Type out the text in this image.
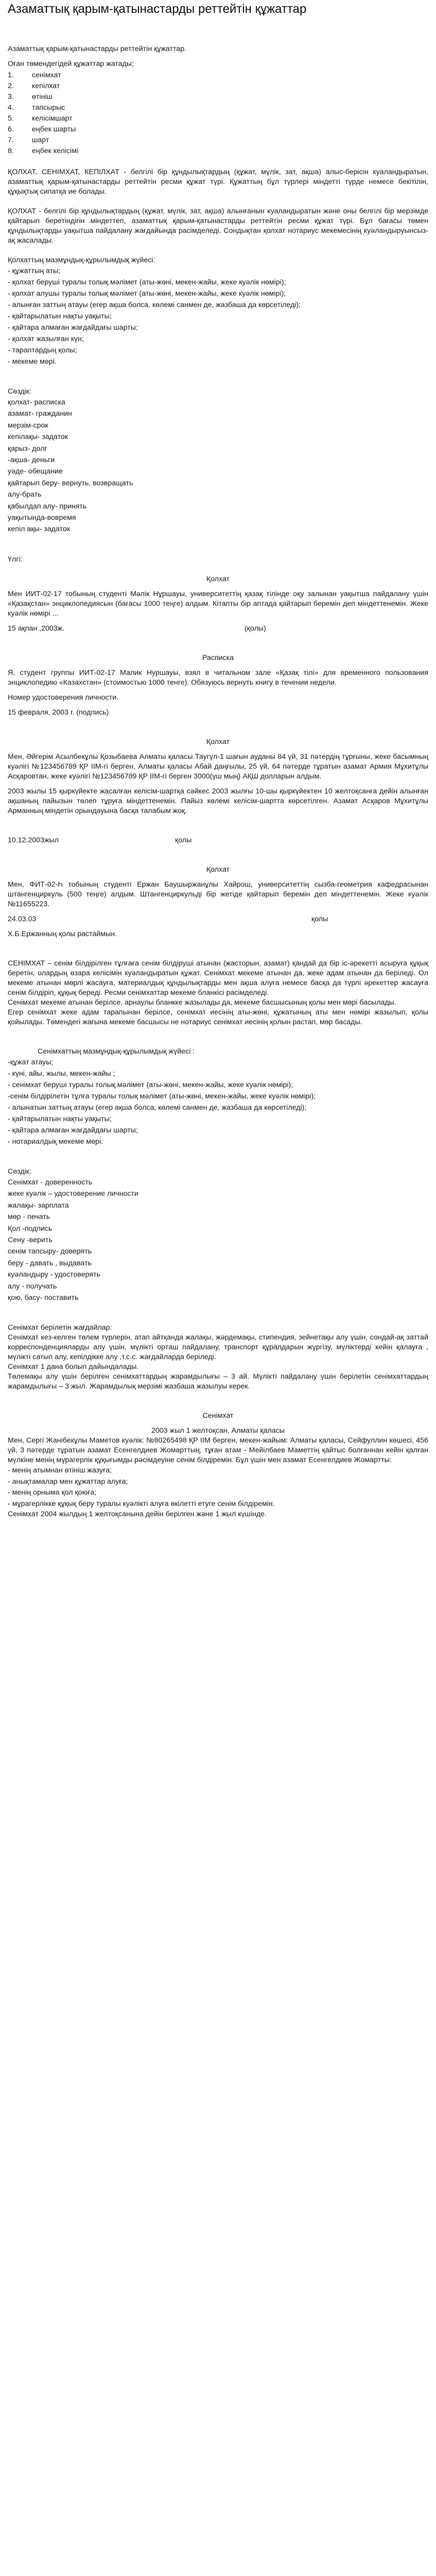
Азаматтық қарым-қатынастарды реттейтін құжаттар

Азаматтық қарым-қатынастарды реттейтін құжаттар.

Оған төмендегідей құжаттар жатады;

1.	сенімхат
2.	кепілхат
3.	өтініш
4.	тапсырыс
5.	келісімшарт
6.	еңбек шарты
7.	шарт
8.	еңбек келісімі

ҚОЛХАТ, СЕНІМХАТ, КЕПІЛХАТ - белгілі бір құндылықтардың (құжат, мүлік, зат, ақша) алыс-берісін куаландыратын, азаматтық қарым-қатынастарды реттейтін ресми құжат түрі. Құжаттың бұл түрлері міндетті түрде немесе бекітілін, құқықтық сипатқа ие болады.

ҚОЛХАТ - белгілі бір құндылықтардың (құжат, мүлік, зат, ақша) алынғанын куаландыратын және оны белгілі бір мерзімде қайтарып беретіндігін міндеттеп, азаматтық қарым-қатынастарды реттейтін ресми құжат түрі. Бұл бағасы төмен құндылықтарды уақытша пайдалану жағдайында расімделеді. Сондықтан қолхат нотариус мекемесінің куәландыруынсыз-ақ жасалады.

Қолхаттың мазмұндық-құрылымдық жүйесі:

- құжаттың аты;

- қолхат беруші туралы толық мәлімет (аты-жөні, мекен-жайы, жеке куәлік нөмірі);

- қолхат алушы туралы толық мәлімет (аты-жөні, мекен-жайы, жеке куәлік нөмірі);

- алынған заттың атауы (егер ақша болса, көлемі санмен де, жазбаша да көрсетіледі);

- қайтарылатын нақты уақыты;

- қайтара алмаған жағдайдағы шарты;

- қолхат жазылған күн;

- тараптардың қолы;

- мекеме мөрі.

Сөздік:

қолхат- расписка

азамат- гражданин

мерзім-срок

кепілақы- задаток

қарыз- долг

-ақша- деньги

уәде- обещание

қайтарып беру- вернуть, возвращать

алу-брать

қабылдап алу- принять

уақытында-вовремя

кепіл ақы- задаток

Үлгі:

Қолхат

Мен ИИТ-02-17 тобының студенті Мәлік Нұршауы, университеттің қазақ тілінде оқу залынан уақытша пайдалану үшін «Қазақстан» энциклопедиясын (бағасы 1000 теңге) алдым. Кітапты бір аптада қайтарып беремін деп міндеттенемін. Жеке куәлік нөмірі ...

15 ақпан ,2003ж.	(қолы)

Расписка

Я, студент группы ИИТ-02-17 Малик Нуршауы, взял в читальном зале «Қазақ тілі» для временного пользования энциклопедию «Казахстан» (стоимостью 1000 тенге). Обязуюсь вернуть книгу в течении недели.

Номер удостоверения личности.

15 февраля, 2003 г. (подпись)

Қолхат

Мен, Әйгерім Асылбекұлы Қозыбаева Алматы қаласы Таугүл-1 шағын ауданы 84 үй, 31 пәтердің тұрғыны, жеке басымның куәлігі №123456789 ҚР ІІМ-гі берген, Алматы қаласы Абай даңғылы, 25 үй, 64 пәтерде тұратын азамат Армия Мұхитұлы Асқаровтан, жеке куәлігі №123456789 ҚР ІІМ-гі берген 3000(үш мың) АҚШ долларын алдым.

2003 жылы 15 қыркүйекте жасалған келісім-шартқа сәйкес 2003 жылғы 10-шы қыркүйектен 10 желтоқсанға дейін алынған ақшаның пайызын төлеп тұруға міндеттенемін. Пайыз көлемі келісім-шартта көрсетілген. Азамат Асқаров Мұхитұлы Арманның міндетін орындауына басқа талабым жоқ.

10.12.2003жыл	қолы

Қолхат

Мен, ФИТ-02-Һ тобының студенті Ержан Баушыржанұлы Хайрош, университеттің сызба-геометрия кафедрасынан штангенциркуль (500 теңге) алдым. Штангенциркульді бір жетіде қайтарып беремін деп міндеттенемін. Жеке куәлік №11655223.

24.03.03	қолы

Х.Б.Ержанның қолы растаймын.

СЕНІМХАТ – сенім білдірілген тұлғаға сенім білдіруші атынан (жасторын, азамат) қандай да бір іс-әрекетті асыруға құқық беретін, олардың өзара келісімін куәландыратын құжат. Сенімхат мекеме атынан да, жеке адам атынан да беріледі. Ол мекеме атынан мөрлі жасауға, материалдық құндылықтарды мен ақша алуға немесе басқа да түрлі әрекеттер жасауға сенім білдіріп, құқық береді. Ресми сенімхаттар мекеме бланкісі расімделеді.

Сенімхат мекеме атынан берілсе, арнаулы бланкке жазылады да, мекеме басшысының қолы мен мөрі басылады.

Егер сенімхат жеке адам тарапынан берілсе, сенімхат иесінің аты-жөні, құжатының аты мен нөмірі жазылып, қолы қойылады. Төмендегі жағына мекеме басшысы не нотариус сенімхат иесінің қолын растап, мөр басады.

Сенімхаттың мазмұндық-құрылымдық жүйесі :

-құжат атауы;

- күні, айы, жылы, мекен-жайы ;

- сенімхат беруші туралы толық мәлімет (аты-жөні, мекен-жайы, жеке куәлік нөмірі);

-сенім білдірілетін тұлға туралы толық мәлімет (аты-жөні, мекен-жайы, жеке куәлік нөмірі);

- алынатын заттың атауы (егер ақша болса, көлемі санмен де, жазбаша да көрсетіледі);

- қайтарылатын нақты уақыты;

- қайтара алмаған жағдайдағы шарты;

- нотариалдық мекеме мөрі.

Сөздік:

Сенімхат - доверенность

жеке куәлік – удостоверение личности

жалақы- зарплата

мөр - печать

Қол -подпись

Сену -верить

сенім тапсыру- доверять

беру - давать , выдавать

куәландыру - удостоверять

алу - получать

қою, басу- поставить

Сенімхат берілетін жағдайлар:

Сенімхат кез-келген төлем түрлерін, атап айтқанда жалақы, жәрдемақы, стипендия, зейнетақы алу үшін, сондай-ақ заттай корреспонденцияларды алу үшін, мүлікті орташ пайдалану, транспорт құралдарын жүргізу, мүліктерді кейін қалауға , мүлікті сатып алу, кепілдікке алу ,т.с.с. жағдайларда беріледі.

Сенімхат 1 дана болып дайындалады.

Төлемақы алу үшін берілген сенімхаттардың жарамдылығы – 3 ай. Мүлікті пайдалану үшін берілетін сенімхаттардың жарамдылығы – 3 жыл. Жарамдылық мерзімі жазбаша жазылуы керек.

Сенімхат

2003 жыл 1 желтоқсан, Алматы қаласы

Мен, Сергі Жанібекұлы Маметов куәлік: №80265498 ҚР ІІМ берген, мекен-жайым: Алматы қаласы, Сейфуллин көшесі, 456 үй, 3 пәтерде тұратын азамат Есенгелдиев Жомарттың, тұған атам - Мейілбаев Маметтің қайтыс болғаннан кейін қалған мүлкіне менің мүрагерлік құқығымды рәсімдеуіне сенім білдіремін. Бұл үшін мен азамат Есенгелдиев Жомартты:

- менің атымнан өтініш жазуға;

- анықтамалар мен құжаттар алуға;

- менің орнымa қол қоюға;

- мұрагерлікке құқық беру туралы куәлікті алуға өкілетті етуге сенім білдіремін.

Сенімхат 2004 жылдың 1 желтоқсанына дейін берілген және 1 жыл күшінде.
